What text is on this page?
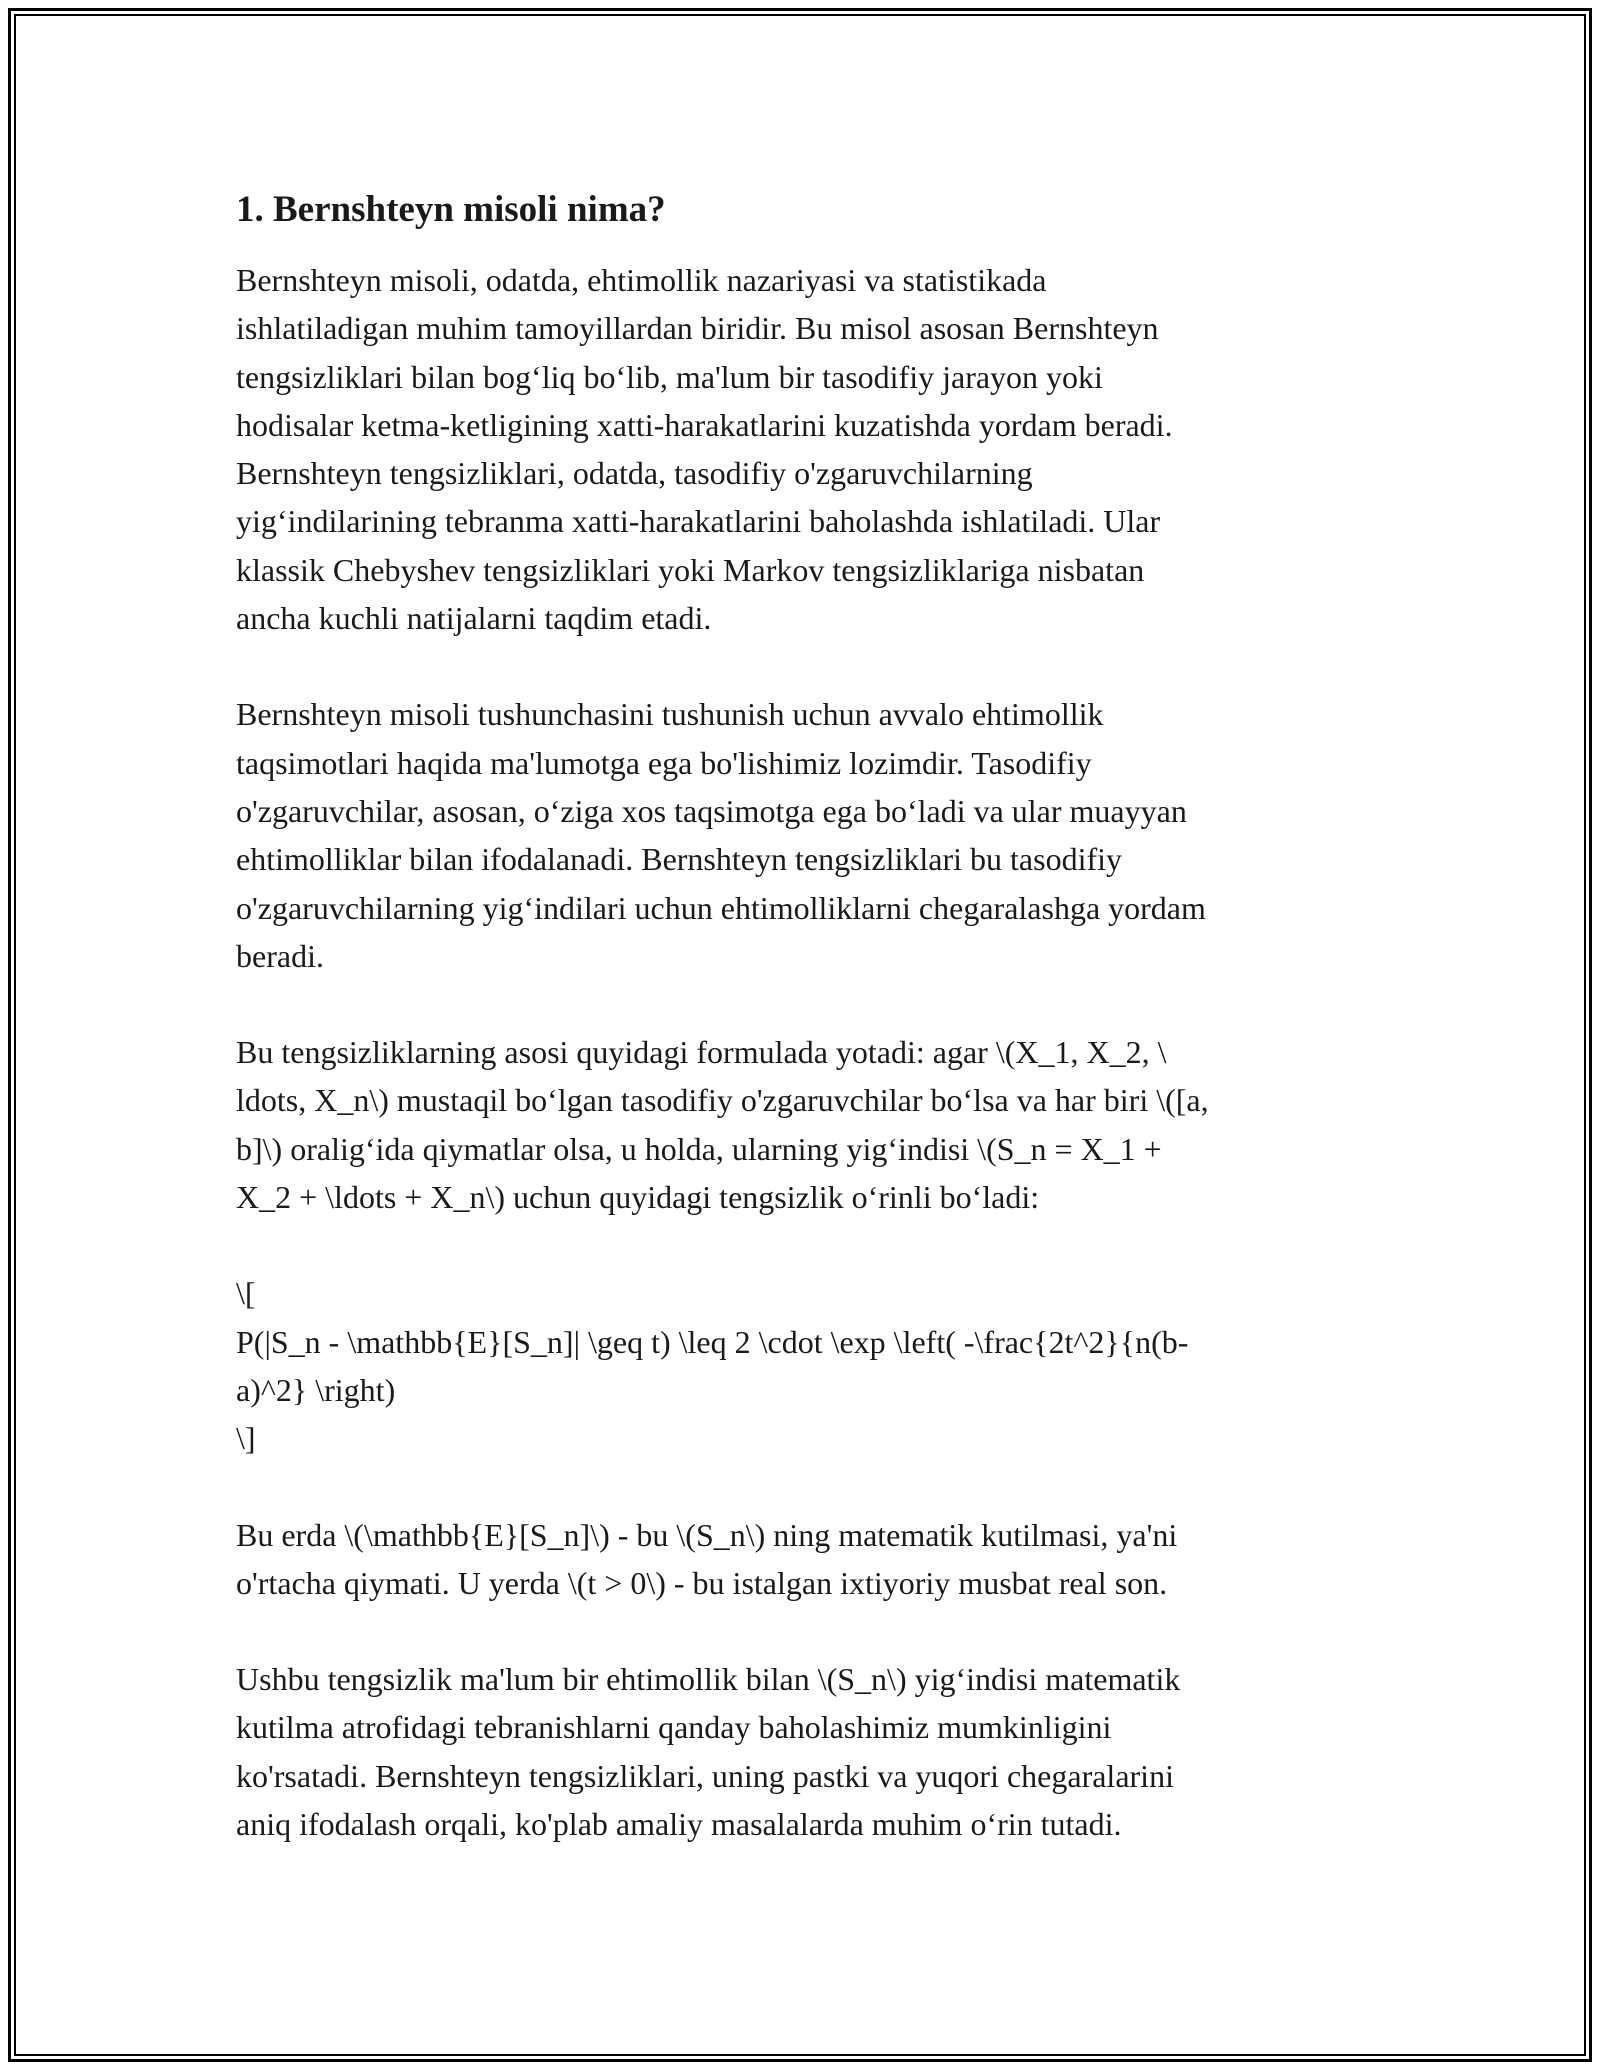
1. Bernshteyn misoli nima?

Bernshteyn misoli, odatda, ehtimollik nazariyasi va statistikada
ishlatiladigan muhim tamoyillardan biridir. Bu misol asosan Bernshteyn
tengsizliklari bilan bog‘liq bo‘lib, ma'lum bir tasodifiy jarayon yoki
hodisalar ketma-ketligining xatti-harakatlarini kuzatishda yordam beradi.
Bernshteyn tengsizliklari, odatda, tasodifiy o'zgaruvchilarning
yig‘indilarining tebranma xatti-harakatlarini baholashda ishlatiladi. Ular
klassik Chebyshev tengsizliklari yoki Markov tengsizliklariga nisbatan
ancha kuchli natijalarni taqdim etadi.

Bernshteyn misoli tushunchasini tushunish uchun avvalo ehtimollik
taqsimotlari haqida ma'lumotga ega bo'lishimiz lozimdir. Tasodifiy
o'zgaruvchilar, asosan, o‘ziga xos taqsimotga ega bo‘ladi va ular muayyan
ehtimolliklar bilan ifodalanadi. Bernshteyn tengsizliklari bu tasodifiy
o'zgaruvchilarning yig‘indilari uchun ehtimolliklarni chegaralashga yordam
beradi.

Bu tengsizliklarning asosi quyidagi formulada yotadi: agar \(X_1, X_2, \
ldots, X_n\) mustaqil bo‘lgan tasodifiy o'zgaruvchilar bo‘lsa va har biri \([a,
b]\) oralig‘ida qiymatlar olsa, u holda, ularning yig‘indisi \(S_n = X_1 +
X_2 + \ldots + X_n\) uchun quyidagi tengsizlik o‘rinli bo‘ladi:

\[
P(|S_n - \mathbb{E}[S_n]| \geq t) \leq 2 \cdot \exp \left( -\frac{2t^2}{n(b-
a)^2} \right)
\]

Bu erda \(\mathbb{E}[S_n]\) - bu \(S_n\) ning matematik kutilmasi, ya'ni
o'rtacha qiymati. U yerda \(t > 0\) - bu istalgan ixtiyoriy musbat real son.

Ushbu tengsizlik ma'lum bir ehtimollik bilan \(S_n\) yig‘indisi matematik
kutilma atrofidagi tebranishlarni qanday baholashimiz mumkinligini
ko'rsatadi. Bernshteyn tengsizliklari, uning pastki va yuqori chegaralarini
aniq ifodalash orqali, ko'plab amaliy masalalarda muhim o‘rin tutadi.
